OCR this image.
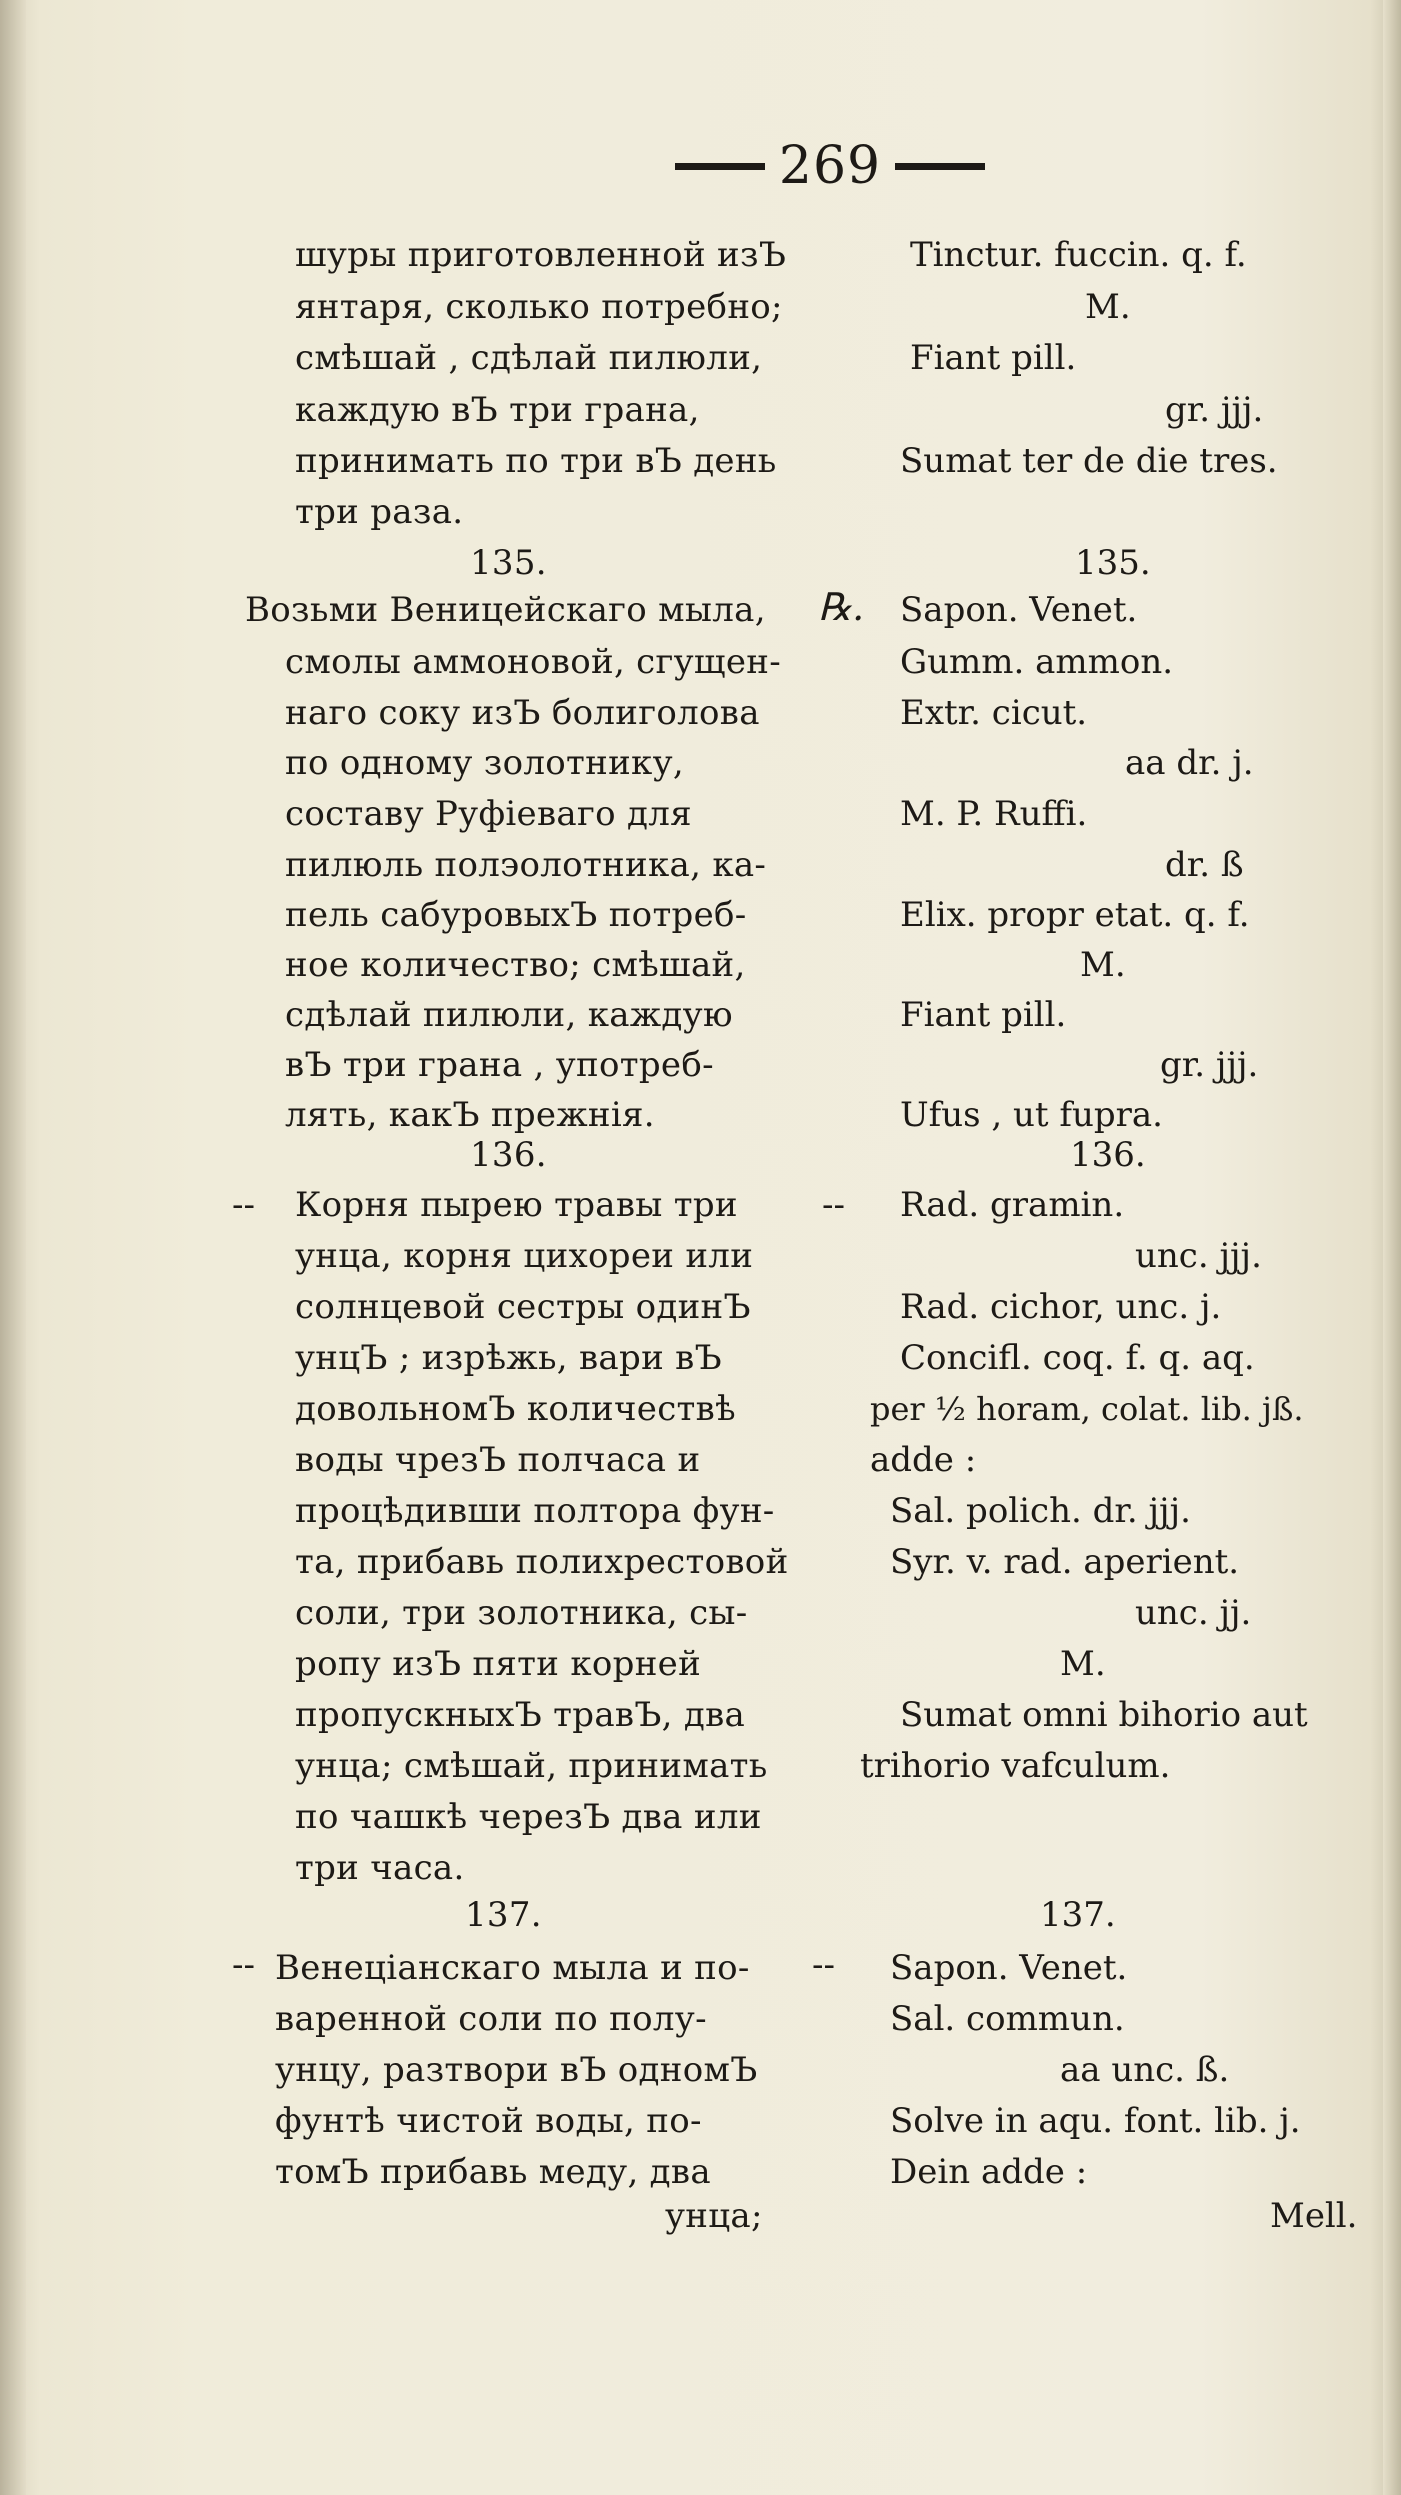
269
шуры приготовленной изЪ
янтаря, сколько потребно;
смѣшай , сдѣлай пилюли,
каждую вЪ три грана,
принимать по три вЪ день
три раза.
135.
Возьми Веницейскаго мыла,
смолы аммоновой, сгущен-
наго соку изЪ болиголова
по одному золотнику,
составу Руфіеваго для
пилюль полэолотника, ка-
пель сабуровыхЪ потреб-
ное количество; смѣшай,
сдѣлай пилюли, каждую
вЪ три грана , употреб-
лять, какЪ прежнія.
136.
Корня пырею травы три
унца, корня цихореи или
солнцевой сестры одинЪ
унцЪ ; изрѣжь, вари вЪ
довольномЪ количествѣ
воды чрезЪ полчаса и
процѣдивши полтора фун-
та, прибавь полихрестовой
соли, три золотника, сы-
ропу изЪ пяти корней
пропускныхЪ травЪ, два
унца; смѣшай, принимать
по чашкѣ черезЪ два или
три часа.
137.
Венеціанскаго мыла и по-
варенной соли по полу-
унцу, разтвори вЪ одномЪ
фунтѣ чистой воды, по-
томЪ прибавь меду, два
унца;
℞.
--	--
--	--
Tinctur. fuccin. q. f.
M.
Fiant pill.
gr. jjj.
Sumat ter de die tres.
135.
Sapon. Venet.
Gumm. ammon.
Extr. cicut.
aa dr. j.
M. P. Ruffi.
dr. ß
Elix. propr etat. q. f.
M.
Fiant pill.
gr. jjj.
Ufus , ut fupra.
136.
Rad. gramin.
unc. jjj.
Rad. cichor, unc. j.
Concifl. coq. f. q. aq.
per ½ horam, colat. lib. jß.
adde :
Sal. polich. dr. jjj.
Syr. v. rad. aperient.
unc. jj.
M.
Sumat omni bihorio aut
trihorio vafculum.
137.
Sapon. Venet.
Sal. commun.
aa unc. ß.
Solve in aqu. font. lib. j.
Dein adde :
Mell.
